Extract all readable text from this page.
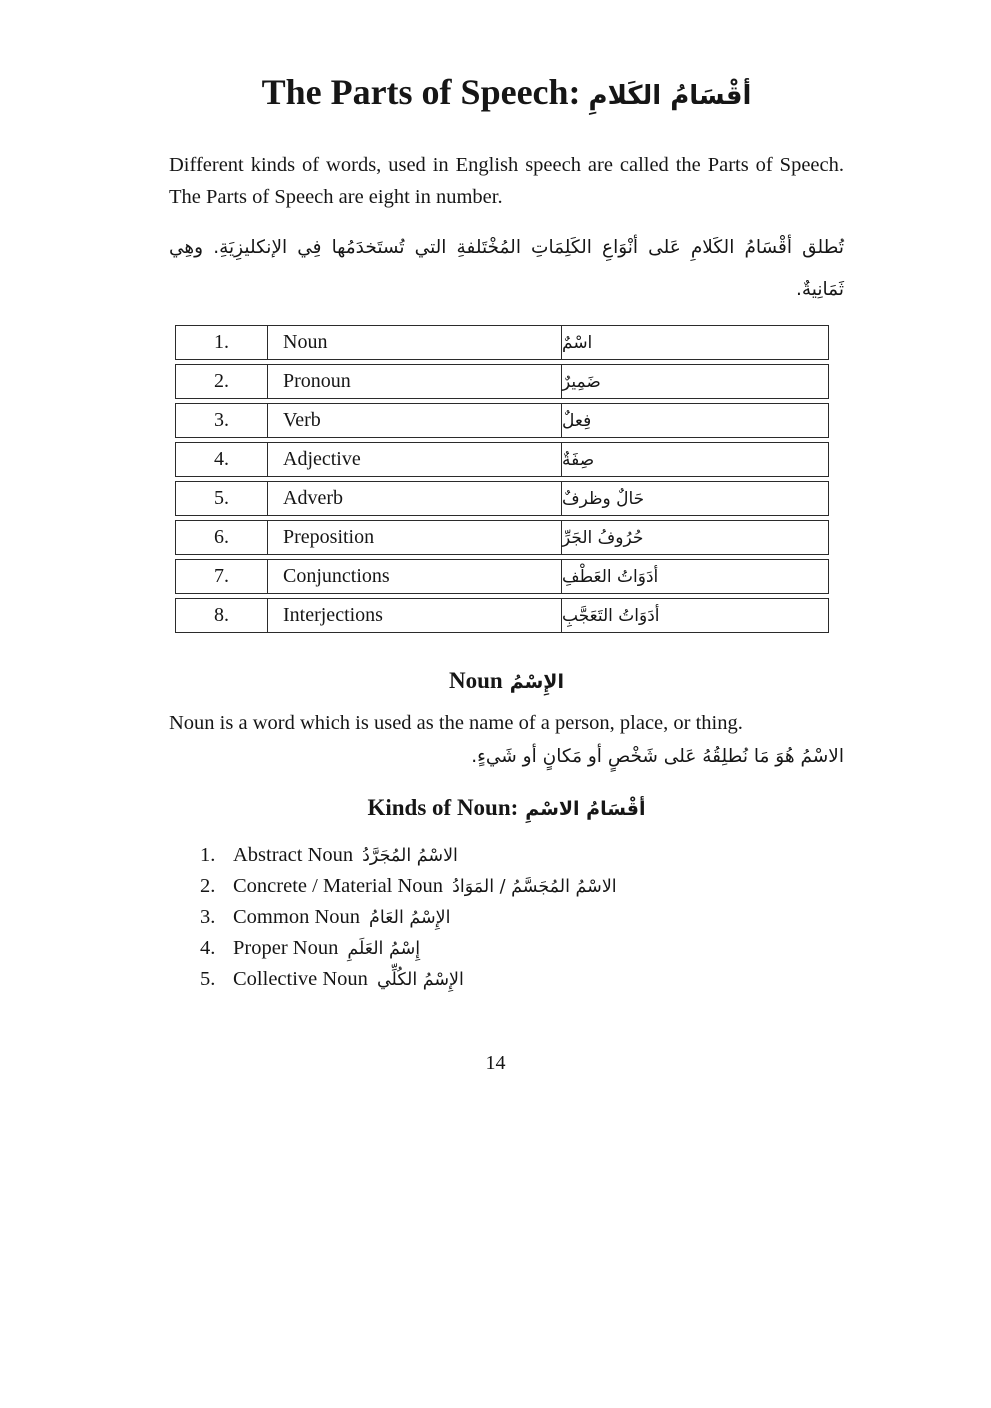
The Parts of Speech: أقْسَامُ الكَلامِ

Different kinds of words, used in English speech are called the Parts of Speech. The Parts of Speech are eight in number.

تُطلق أقْسَامُ الكَلامِ عَلى أنْوَاعِ الكَلِمَاتِ المُخْتَلفةِ التي تُستَخدَمُها فِي الإنكليزِيَةِ. وهِي ثَمَانِيةٌ.

1.	Noun	اسْمٌ
2.	Pronoun	ضَمِيرٌ
3.	Verb	فِعلٌ
4.	Adjective	صِفَةٌ
5.	Adverb	حَالٌ وظرفٌ
6.	Preposition	حُرُوفُ الجَرِّ
7.	Conjunctions	أدَوَاتُ العَطْفِ
8.	Interjections	أدَوَاتُ التَعَجَّبِ
Noun الإِسْمُ

Noun is a word which is used as the name of a person, place, or thing.

الاسْمُ هُوَ مَا نُطلِقُهُ عَلى شَخْصٍ أو مَكانٍ أو شَيءٍ.

Kinds of Noun: أقْسَامُ الاسْمِ
1. Abstract Noun الاسْمُ المُجَرَّدُ
2. Concrete / Material Noun الاسْمُ المُجَسَّمُ / المَوَادُ
3. Common Noun الإِسْمُ العَامُ
4. Proper Noun إِسْمُ العَلَمِ
5. Collective Noun الإِسْمُ الكُلِّي
14
